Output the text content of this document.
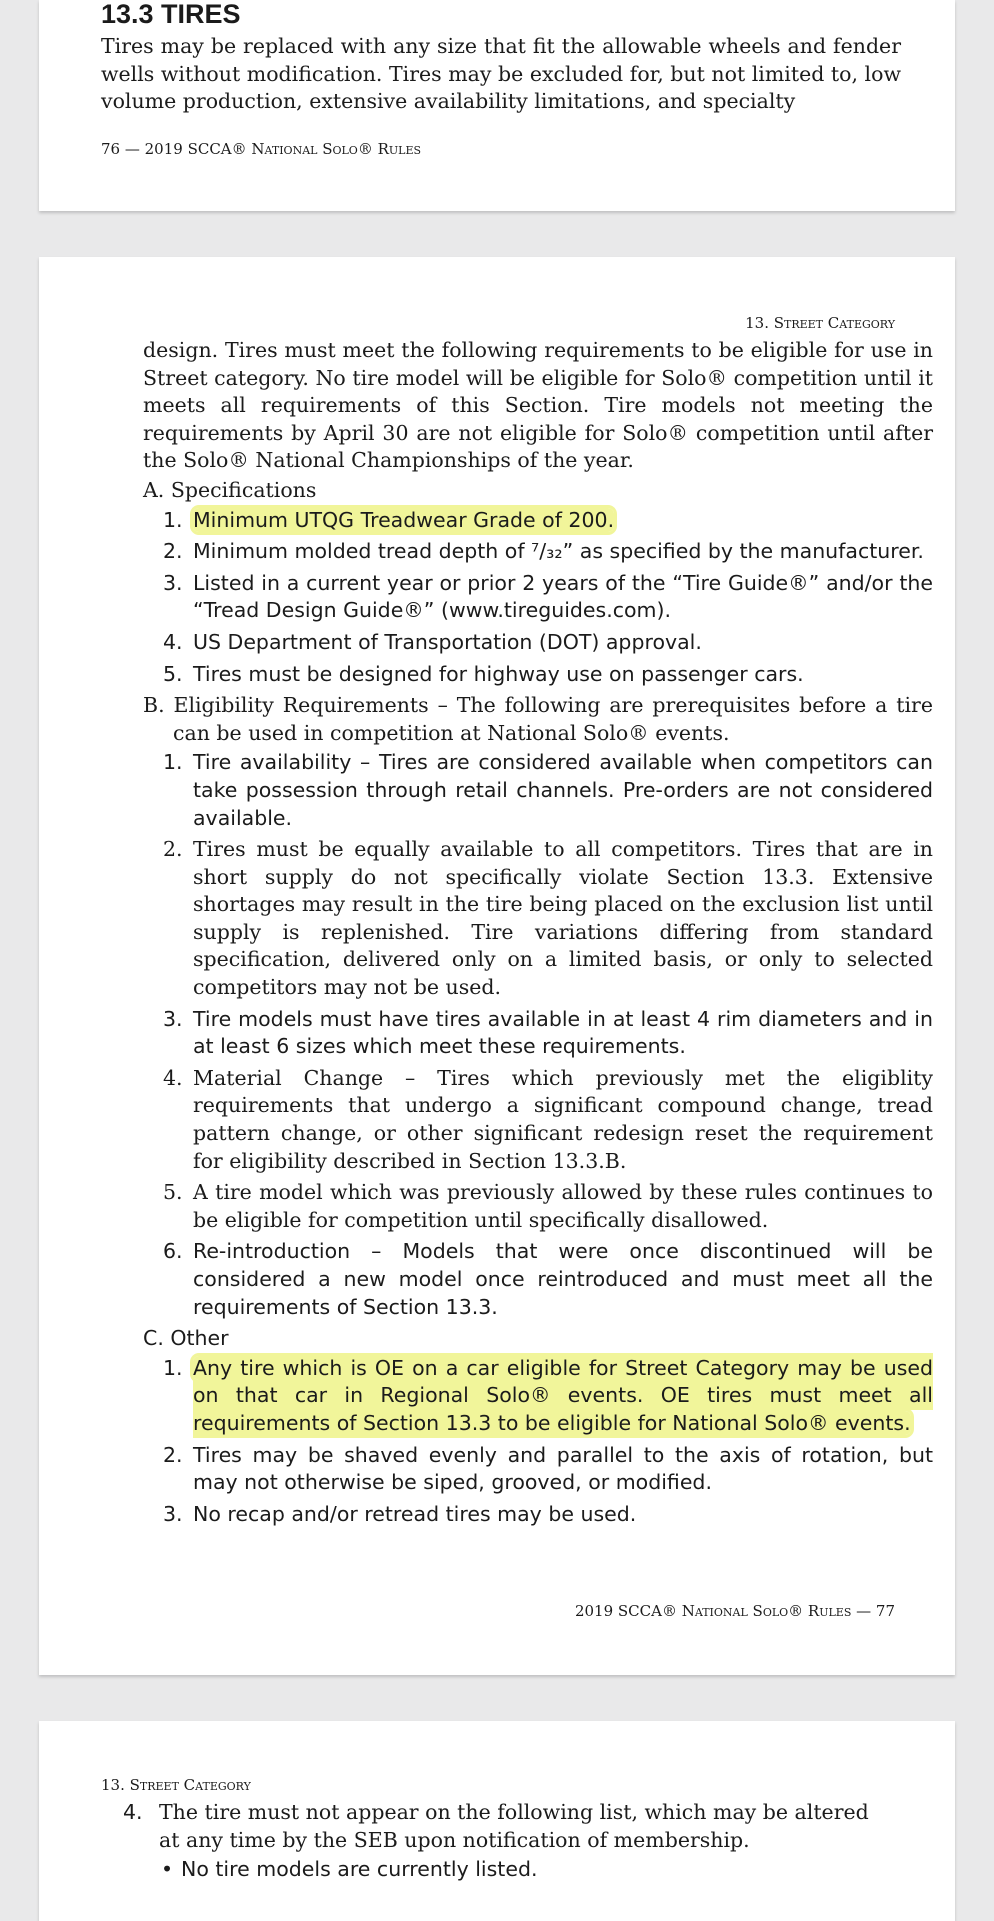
13.3 TIRES

Tires may be replaced with any size that fit the allowable wheels and fender wells without modification. Tires may be excluded for, but not limited to, low volume production, extensive availability limitations, and specialty

76 — 2019 SCCA® National Solo® Rules

13. Street Category

design. Tires must meet the following requirements to be eligible for use in Street category. No tire model will be eligible for Solo® competition until it meets all requirements of this Section. Tire models not meeting the requirements by April 30 are not eligible for Solo® competition until after the Solo® National Championships of the year.

A. Specifications

1. Minimum UTQG Treadwear Grade of 200.
2. Minimum molded tread depth of ⁷/₃₂” as specified by the manufacturer.
3. Listed in a current year or prior 2 years of the “Tire Guide®” and/or the “Tread Design Guide®” (www.tireguides.com).
4. US Department of Transportation (DOT) approval.
5. Tires must be designed for highway use on passenger cars.

B. Eligibility Requirements – The following are prerequisites before a tire can be used in competition at National Solo® events.

1. Tire availability – Tires are considered available when competitors can take possession through retail channels. Pre-orders are not considered available.
2. Tires must be equally available to all competitors. Tires that are in short supply do not specifically violate Section 13.3. Extensive shortages may result in the tire being placed on the exclusion list until supply is replenished. Tire variations differing from standard specification, delivered only on a limited basis, or only to selected competitors may not be used.
3. Tire models must have tires available in at least 4 rim diameters and in at least 6 sizes which meet these requirements.
4. Material Change – Tires which previously met the eligiblity requirements that undergo a significant compound change, tread pattern change, or other significant redesign reset the requirement for eligibility described in Section 13.3.B.
5. A tire model which was previously allowed by these rules continues to be eligible for competition until specifically disallowed.
6. Re-introduction – Models that were once discontinued will be considered a new model once reintroduced and must meet all the requirements of Section 13.3.

C. Other

1. Any tire which is OE on a car eligible for Street Category may be used on that car in Regional Solo® events. OE tires must meet all requirements of Section 13.3 to be eligible for National Solo® events.
2. Tires may be shaved evenly and parallel to the axis of rotation, but may not otherwise be siped, grooved, or modified.
3. No recap and/or retread tires may be used.

2019 SCCA® National Solo® Rules — 77

13. Street Category

4. The tire must not appear on the following list, which may be altered at any time by the SEB upon notification of membership.

• No tire models are currently listed.
